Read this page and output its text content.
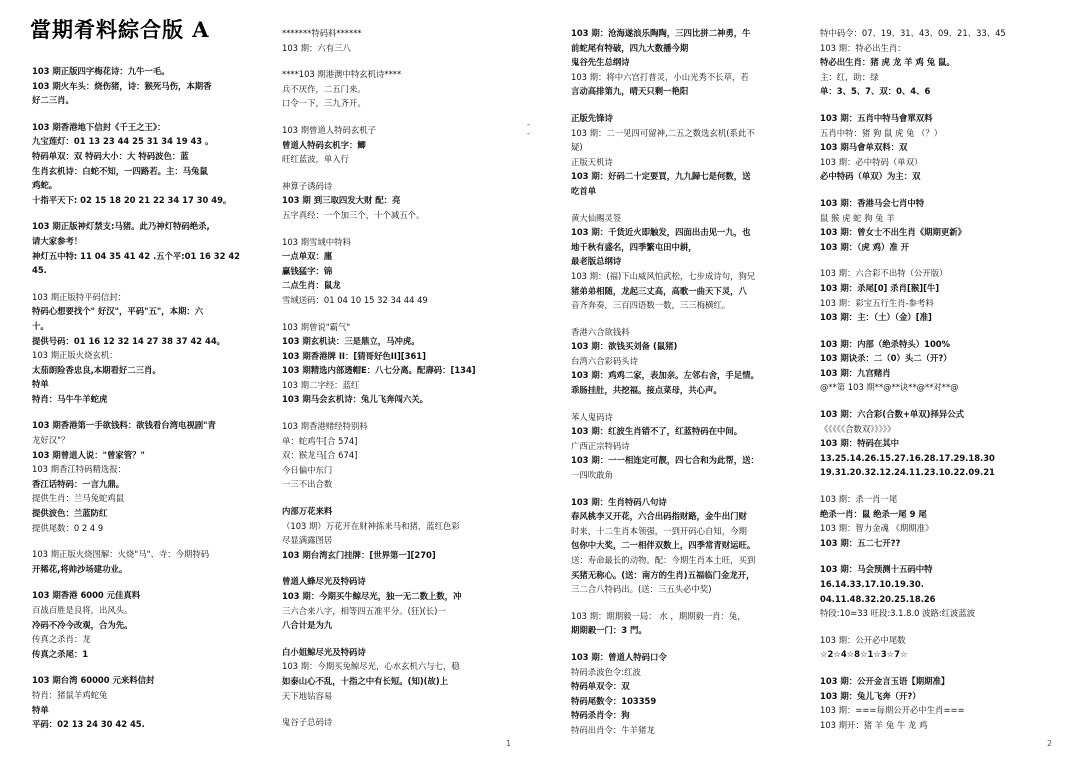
當期肴料綜合版 A
103 期正版四字梅花诗：九牛一毛。
103 期火车头：烧伤猪，诗：猴死马伤，本期香
好二三肖。
103 期香港地下信封《千王之王》：
九宝莲灯：01 13 23 44 25 31 34 19 43 。
特码单双：双 特码大小：大 特码波色：蓝
生肖玄机诗：白蛇不知，一四路若。主：马兔鼠
鸡蛇。
十指平天下: 02 15 18 20 21 22 34 17 30 49。
103 期正版神灯禁支:马猪。此乃神灯特码绝杀,
请大家参考！
神灯五中特: 11 04 35 41 42 .五个平:01 16 32 42
45.
103 期正版特平码信封：
特码心想要找个" 好汉"，平码"五"，本期：六
十。
提供号码：01 16 12 32 14 27 38 37 42 44。
103 期正版火烧玄机：
太茄朗险香忠良,本期看好二三肖。
特单
特肖：马牛牛羊蛇虎
103 期香港第一手欲钱料：欲钱看台湾电视剧"青
龙好汉"？
103 期曾道人说："曾家管？"
103 期香江特码精选报：
香江话特码：一言九鼎。
提供生肖：兰马兔蛇鸡鼠
提供波色：兰蓝防红
提供尾数：0 2 4 9
103 期正版火烧图解：火烧"马"、寺：今期特码
开稀花,将帅沙场建功业。
103 期香港 6000 元佳真料
百战百胜是良将，出风头。
冷码不冷今改观，合为先。
传真之杀肖：龙
传真之杀尾：1
103 期台湾 60000 元来料信封
特肖：猪鼠羊鸡蛇兔
特单
平码：02 13 24 30 42 45.
*******特码料******
103 期：六有三八
****103 期港澳中特玄机诗****
兵不厌作，二五门来。
口令一下，三九齐开。
103 期曾道人特码玄机子
曾道人特码玄机字：鲫
旺红蓝波，单入行
神算子诱码诗
103 期 到三取四发大财 配：亮
五字真经：一个加三个，十个减五个。
103 期雪域中特料
一点单双：廛
赢钱猛字：锦
二点生肖：鼠龙
雪域送码：01 04 10 15 32 34 44 49
103 期曾说"霸气"
103 期玄机诀：三是鼎立，马冲虎。
103 期香港牌 II：[猜哥好色II][361]
103 期精选内部透帽E：八七分离。配壽码：[134]
103 期二字经：蓝红
103 期马会玄机诗：兔儿飞奔闯六关。
103 期香港赌经特别料
单：蛇鸡牛[合 574]
双：猴龙马[合 674]
今日偏中东门
一三不出合数
内部万花来料
（103 期）万花开在财神拣来马和猪，蓝红色彩
尽显满露图居
103 期台湾玄门挂牌：[世界第一][270]
曾道人蜂尽光及特码诗
103 期：今期买牛鲸尽光，独一无二数上数，冲
三六合来八字，相等四五准平分。(狂)(长)一
八合计是为九
白小姐鲸尽光及特码诗
103 期：今期买兔鲸尽光，心水玄机六与七，稳
如泰山心不乱，十指之中有长短。(知)(故)上
天下地钻容易
鬼谷子总码诗
1
- -
103 期：沧海遂浪乐陶陶，三四比拼二神勇，牛
前蛇尾有特破，四九大数播今期
鬼谷先生总纲诗
103 期：将中六宫打普灵，小山光秀不长草，若
言动高排第九，晴天只剩一艳阳
正版先锋诗
103 期：二一见四可留神,二五之数选玄机(系此不
疑)
正版天机诗
103 期：好码二十定要買，九九歸七是何数，送
吃首单
黄大仙赐灵签
103 期：千货近火即触发，四面出击见一九，也
地千秋有盛名，四季繁屯田中耕，
最老版总纲诗
103 期：(福)下山威风怕武松，七步成诗句，狗兄
猪弟弟相随，龙起三丈高，高歌一曲天下灵，八
音齐奔奏，三百四语数一数，三三梅横红。
香港六合欲钱料
103 期：欲钱买刘备 (鼠猪)
台湾六合彩码头诗
103 期：鸡鸡二家，表加亲。左邻右舍，手足情。
乖肠挂肚，共挖福。接点菜母，共心声。
苯人鬼码诗
103 期：红波生肖错不了，红蓝特码在中间。
广西正宗特码诗
103 期：一一相连定可靓，四七合和为此帮，送：
一四吹敢角
103 期：生肖特码八句诗
春风桃李又开花，六合出码指财路，金牛出门财
时来，十二生肖本领强，一到开码心自知，今期
包你中大奖，二一相伴双数上，四季常青财运旺。
送：寿命最长的动物。配：今期生肖本土旺，买到
买猪无称心。(送：南方的生肖)五福临门金龙开，
三二合八特码出。(送：三五头必中奖)
103 期：期期毅一局： 水 ，期期毅一肖：兔，
期期毅一门：3 門。
103 期：曾道人特码口令
特码杀波色令:红波
特码单双令：双
特码尾数令：103359
特码杀肖令：狗
特码出肖令：牛羊猪龙
特中码令：07、19、31、43、09、21、33、45
103 期：特必出生肖：
特必出生肖：猪 虎 龙 羊 鸡 兔 鼠。
主：红，助：绿
单：3、5、7、双：0、4、6
103 期：五肖中特马會單双料
五肖中特：猪 狗 鼠 虎 兔 （？）
103 期马會单双料：双
103 期：必中特码（单双）
必中特码（单双）为主：双
103 期：香港马会七肖中特
鼠 猴 虎 蛇 狗 兔 羊
103 期：曾女士不出生肖《期期更新》
103 期：（虎 鸡）准 开
103 期：六合彩不出特（公开版）
103 期：杀尾[0] 杀肖[猴][牛]
103 期：彩宝五行生肖-参考料
103 期：主：（土）（金）[准]
103 期：内部（绝杀特头）100%
103 期诀杀：二（0）头二（开?）
103 期：九宫赌肖
@**第 103 期**@**诀**@**对**@
103 期：六合彩(合数+单双)择异公式
《《《《《合数双》》》》》
103 期：特码在其中
13.25.14.26.15.27.16.28.17.29.18.30
19.31.20.32.12.24.11.23.10.22.09.21
103 期：杀一肖一尾
绝杀一肖：鼠 绝杀一尾 9 尾
103 期：智力金魂 《期期准》
103 期：五二七开??
103 期：马会预测十五码中特
16.14.33.17.10.19.30.
04.11.48.32.20.25.18.26
特段:10=33 旺段:3.1.8.0 波路:红波蓝波
103 期：公开必中尾数
☆2☆4☆8☆1☆3☆7☆
103 期：公开金言玉语【期期准】
103 期：兔儿飞奔（开?）
103 期：===每期公开必中生肖===
103 期开：猪 羊 兔 牛 龙 鸡
2
